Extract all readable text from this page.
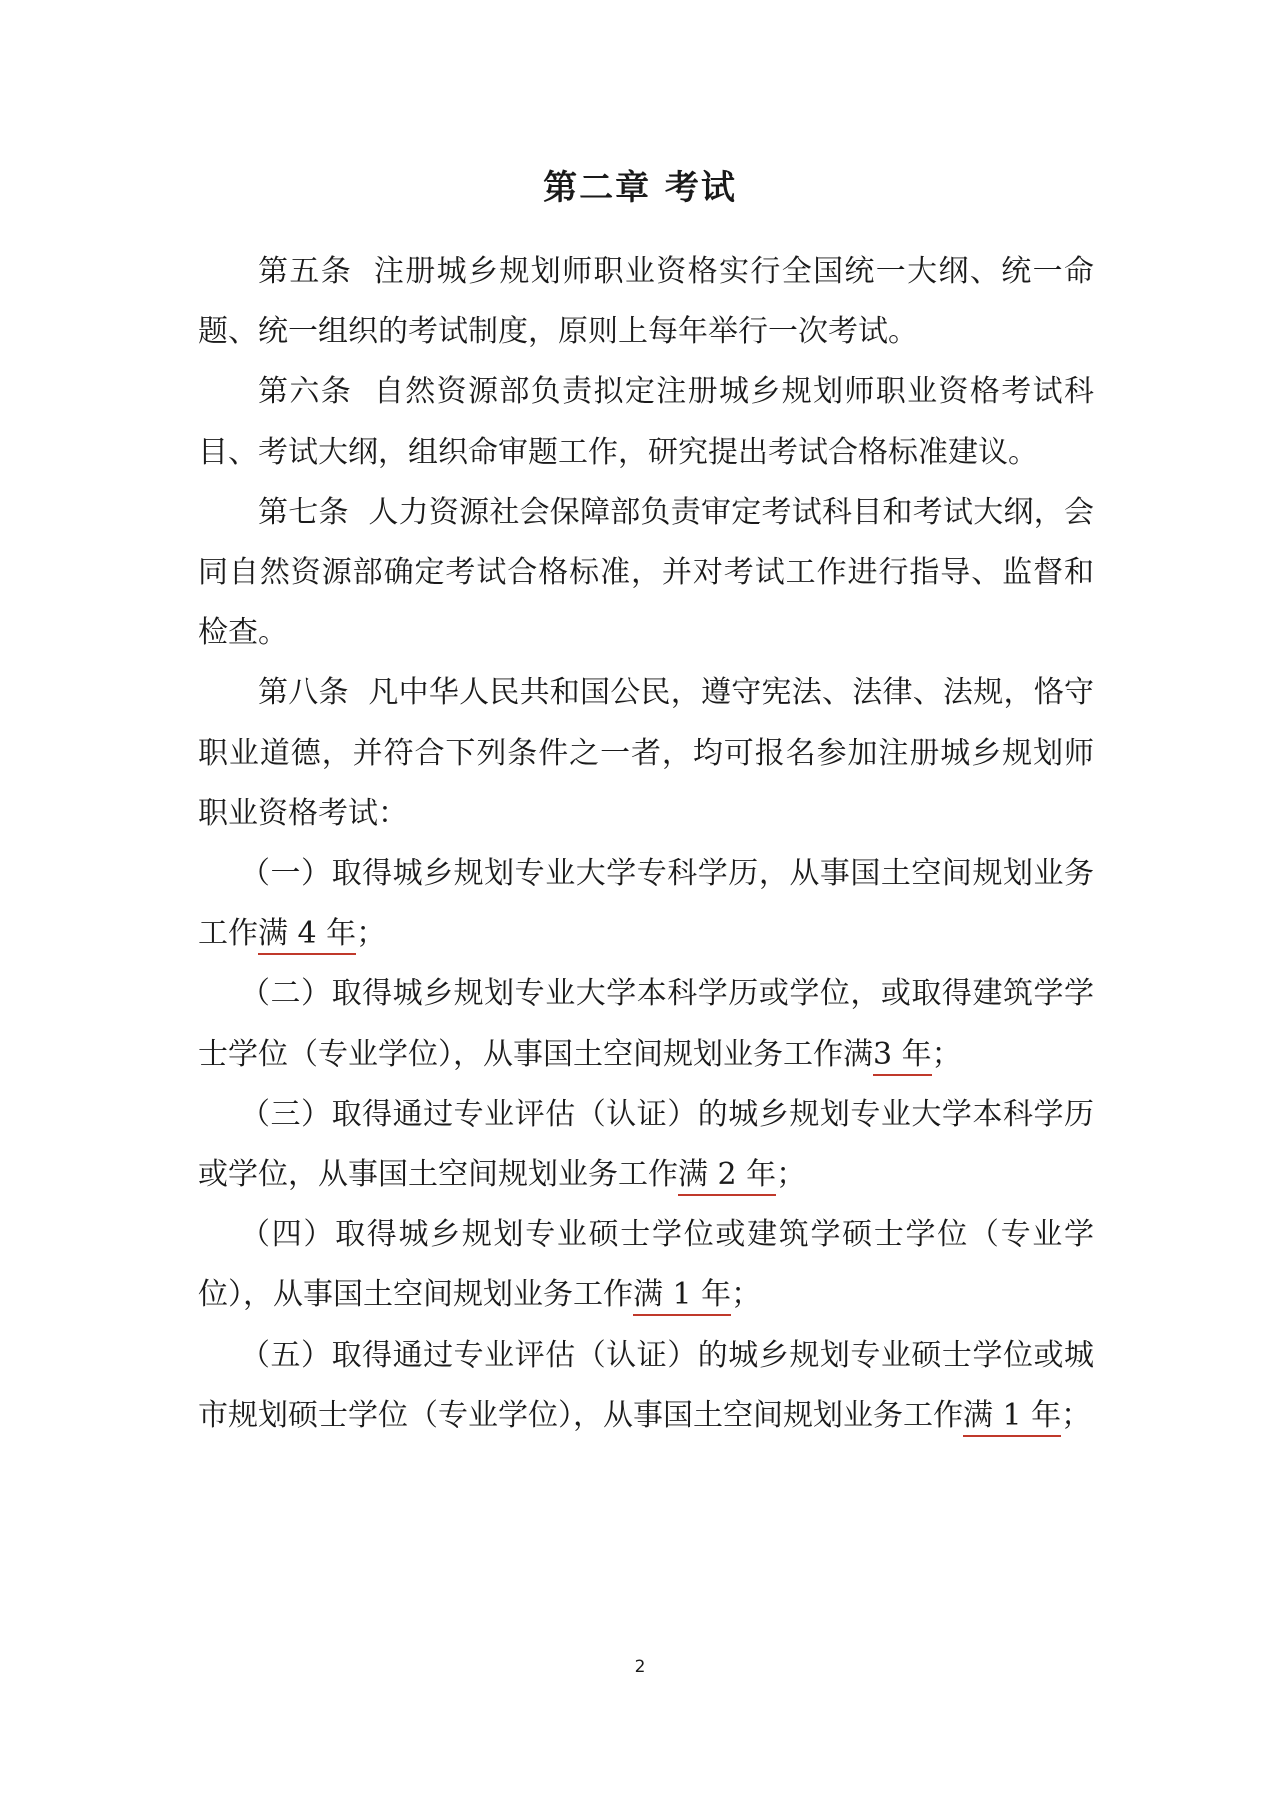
第二章 考试

第五条 注册城乡规划师职业资格实行全国统一大纲、统一命题、统一组织的考试制度，原则上每年举行一次考试。

第六条 自然资源部负责拟定注册城乡规划师职业资格考试科目、考试大纲，组织命审题工作，研究提出考试合格标准建议。

第七条 人力资源社会保障部负责审定考试科目和考试大纲，会同自然资源部确定考试合格标准，并对考试工作进行指导、监督和检查。

第八条 凡中华人民共和国公民，遵守宪法、法律、法规，恪守职业道德，并符合下列条件之一者，均可报名参加注册城乡规划师职业资格考试：

（一）取得城乡规划专业大学专科学历，从事国土空间规划业务工作满 4 年；

（二）取得城乡规划专业大学本科学历或学位，或取得建筑学学士学位（专业学位），从事国土空间规划业务工作满3 年；

（三）取得通过专业评估（认证）的城乡规划专业大学本科学历或学位，从事国土空间规划业务工作满 2 年；

（四）取得城乡规划专业硕士学位或建筑学硕士学位（专业学位），从事国土空间规划业务工作满 1 年；

（五）取得通过专业评估（认证）的城乡规划专业硕士学位或城市规划硕士学位（专业学位），从事国土空间规划业务工作满 1 年；

2
